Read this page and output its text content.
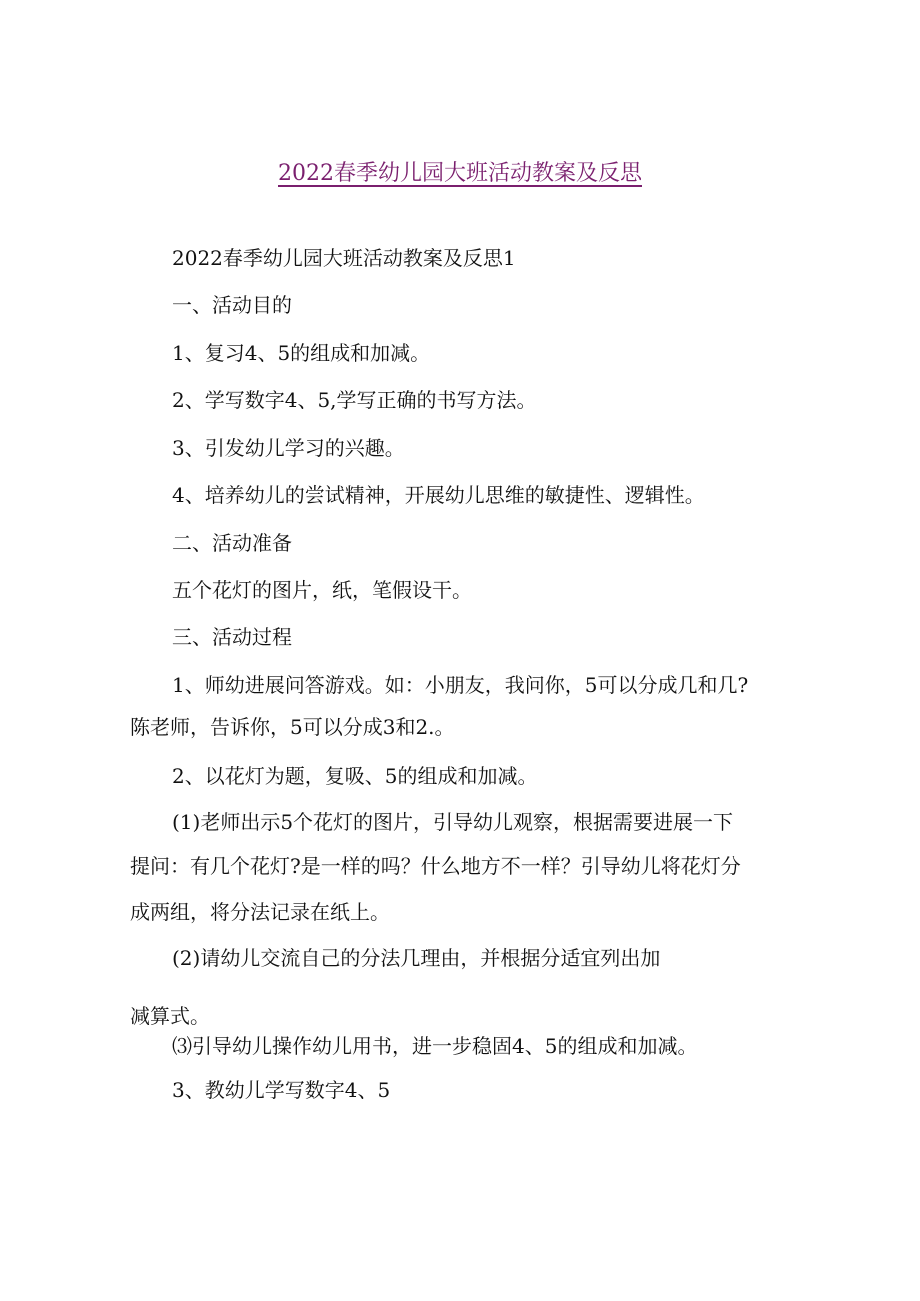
2022春季幼儿园大班活动教案及反思
2022春季幼儿园大班活动教案及反思1
一、活动目的
1、复习4、5的组成和加减。
2、学写数字4、5,学写正确的书写方法。
3、引发幼儿学习的兴趣。
4、培养幼儿的尝试精神，开展幼儿思维的敏捷性、逻辑性。
二、活动准备
五个花灯的图片，纸，笔假设干。
三、活动过程
1、师幼进展问答游戏。如：小朋友，我问你，5可以分成几和几?
陈老师，告诉你，5可以分成3和2.。
2、以花灯为题，复吸、5的组成和加减。
(1)老师出示5个花灯的图片，引导幼儿观察，根据需要进展一下
提问：有几个花灯?是一样的吗？什么地方不一样？引导幼儿将花灯分
成两组，将分法记录在纸上。
(2)请幼儿交流自己的分法几理由，并根据分适宜列出加
减算式。
⑶引导幼儿操作幼儿用书，进一步稳固4、5的组成和加减。
3、教幼儿学写数字4、5
